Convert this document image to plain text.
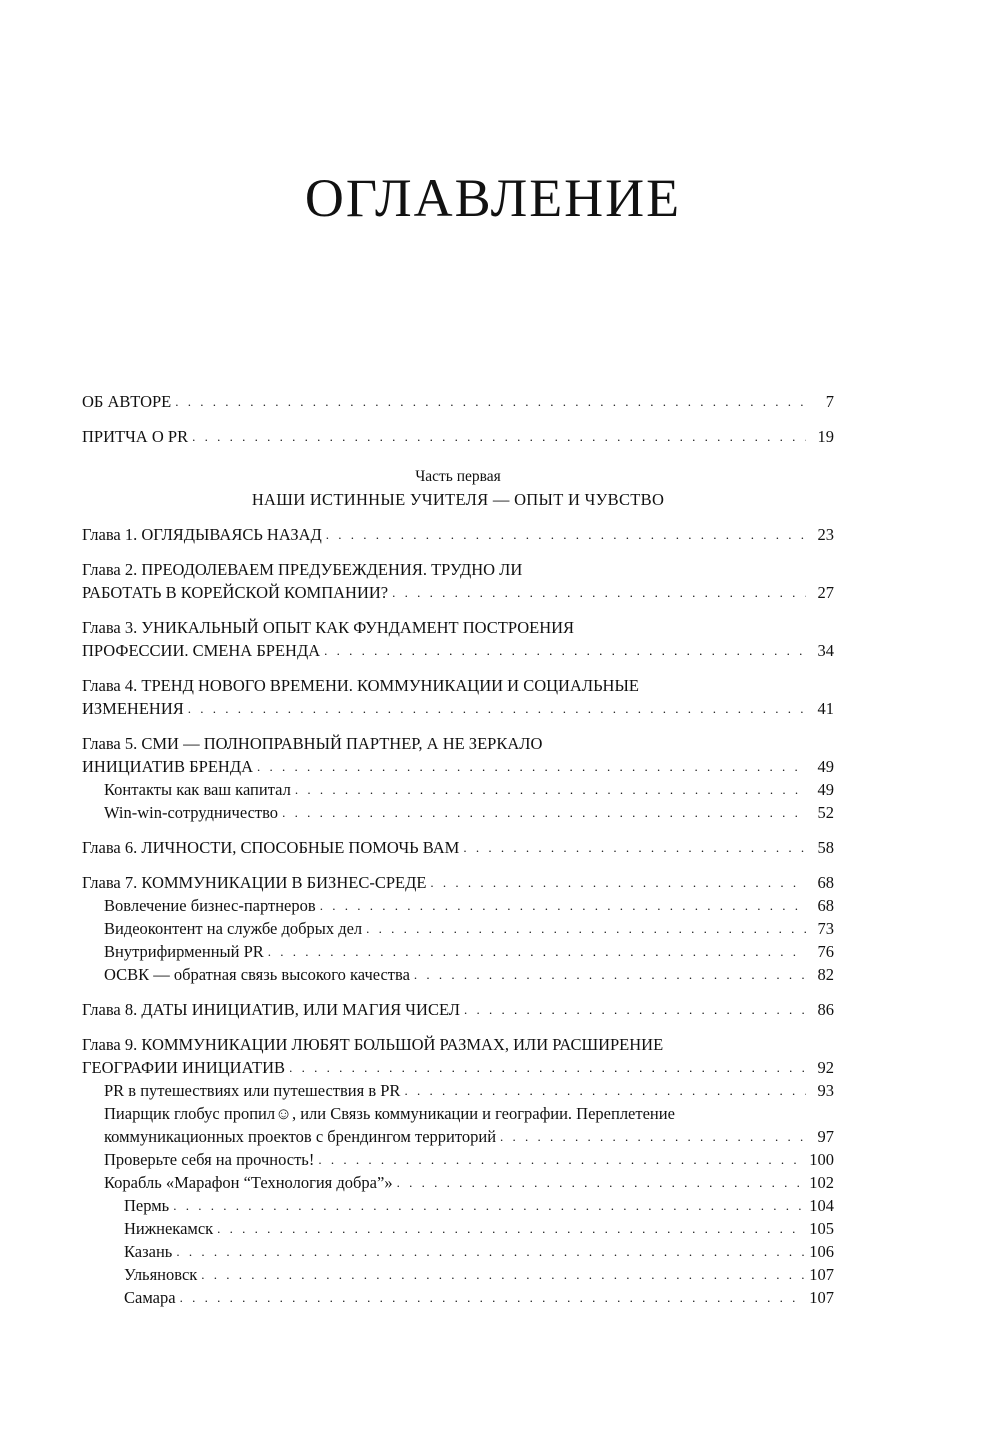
ОГЛАВЛЕНИЕ
ОБ АВТОРЕ . . .	7
ПРИТЧА О PR . . .	19
Часть первая
НАШИ ИСТИННЫЕ УЧИТЕЛЯ — ОПЫТ И ЧУВСТВО
Глава 1. ОГЛЯДЫВАЯСЬ НАЗАД . . .	23
Глава 2. ПРЕОДОЛЕВАЕМ ПРЕДУБЕЖДЕНИЯ. ТРУДНО ЛИ
РАБОТАТЬ В КОРЕЙСКОЙ КОМПАНИИ? . . .	27
Глава 3. УНИКАЛЬНЫЙ ОПЫТ КАК ФУНДАМЕНТ ПОСТРОЕНИЯ
ПРОФЕССИИ. СМЕНА БРЕНДА . . .	34
Глава 4. ТРЕНД НОВОГО ВРЕМЕНИ. КОММУНИКАЦИИ И СОЦИАЛЬНЫЕ
ИЗМЕНЕНИЯ . . .	41
Глава 5. СМИ — ПОЛНОПРАВНЫЙ ПАРТНЕР, А НЕ ЗЕРКАЛО
ИНИЦИАТИВ БРЕНДА . . .	49
Контакты как ваш капитал . . .	49
Win-win-сотрудничество . . .	52
Глава 6. ЛИЧНОСТИ, СПОСОБНЫЕ ПОМОЧЬ ВАМ . . .	58
Глава 7. КОММУНИКАЦИИ В БИЗНЕС-СРЕДЕ . . .	68
Вовлечение бизнес-партнеров . . .	68
Видеоконтент на службе добрых дел . . .	73
Внутрифирменный PR . . .	76
ОСВК — обратная связь высокого качества . . .	82
Глава 8. ДАТЫ ИНИЦИАТИВ, ИЛИ МАГИЯ ЧИСЕЛ . . .	86
Глава 9. КОММУНИКАЦИИ ЛЮБЯТ БОЛЬШОЙ РАЗМАХ, ИЛИ РАСШИРЕНИЕ
ГЕОГРАФИИ ИНИЦИАТИВ . . .	92
PR в путешествиях или путешествия в PR . . .	93
Пиарщик глобус пропил☺, или Связь коммуникации и географии. Переплетение
коммуникационных проектов с брендингом территорий . . .	97
Проверьте себя на прочность! . . .	100
Корабль «Марафон “Технология добра”» . . .	102
Пермь . . .	104
Нижнекамск . . .	105
Казань . . .	106
Ульяновск . . .	107
Самара . . .	107
